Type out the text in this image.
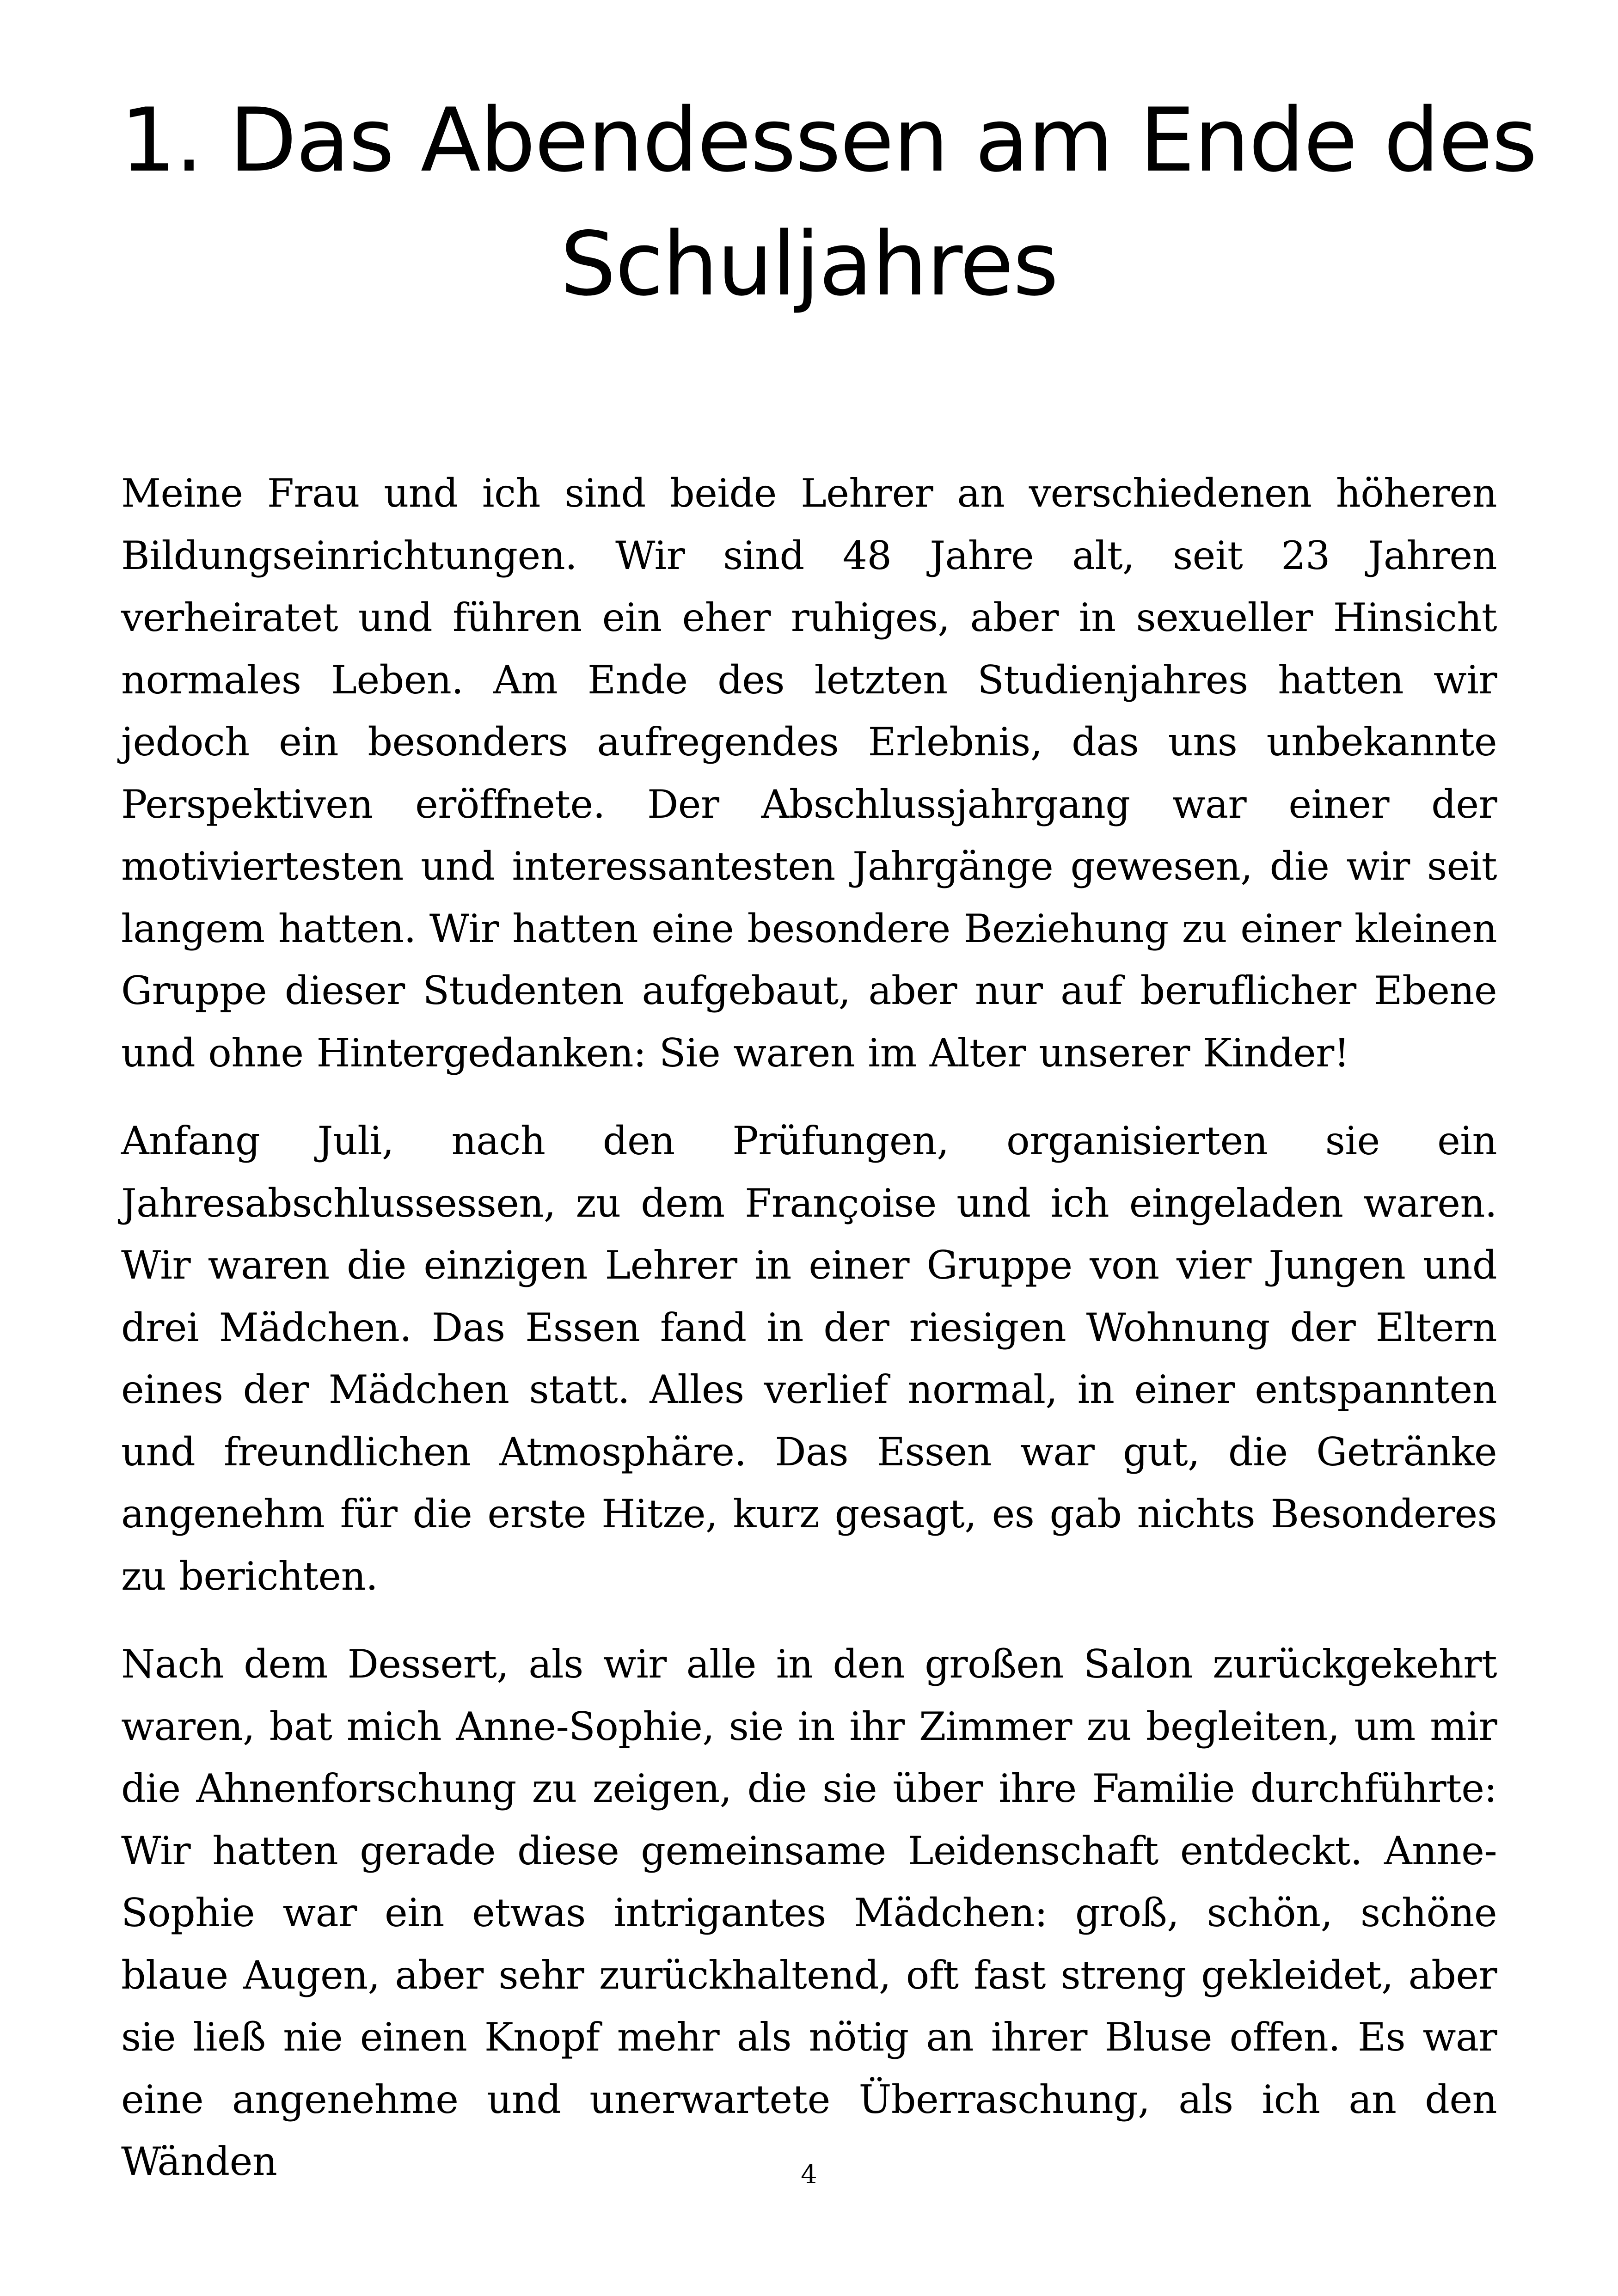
1. Das Abendessen am Ende des
Schuljahres

Meine Frau und ich sind beide Lehrer an verschiedenen höheren Bildungseinrichtungen. Wir sind 48 Jahre alt, seit 23 Jahren verheiratet und führen ein eher ruhiges, aber in sexueller Hinsicht normales Leben. Am Ende des letzten Studienjahres hatten wir jedoch ein besonders aufregendes Erlebnis, das uns unbekannte Perspektiven eröffnete. Der Abschlussjahrgang war einer der motiviertesten und interessantesten Jahrgänge gewesen, die wir seit langem hatten. Wir hatten eine besondere Beziehung zu einer kleinen Gruppe dieser Studenten aufgebaut, aber nur auf beruflicher Ebene und ohne Hintergedanken: Sie waren im Alter unserer Kinder!

Anfang Juli, nach den Prüfungen, organisierten sie ein Jahresabschlussessen, zu dem Françoise und ich eingeladen waren. Wir waren die einzigen Lehrer in einer Gruppe von vier Jungen und drei Mädchen. Das Essen fand in der riesigen Wohnung der Eltern eines der Mädchen statt. Alles verlief normal, in einer entspannten und freundlichen Atmosphäre. Das Essen war gut, die Getränke angenehm für die erste Hitze, kurz gesagt, es gab nichts Besonderes zu berichten.

Nach dem Dessert, als wir alle in den großen Salon zurückgekehrt waren, bat mich Anne-Sophie, sie in ihr Zimmer zu begleiten, um mir die Ahnenforschung zu zeigen, die sie über ihre Familie durchführte: Wir hatten gerade diese gemeinsame Leidenschaft entdeckt. Anne-Sophie war ein etwas intrigantes Mädchen: groß, schön, schöne blaue Augen, aber sehr zurückhaltend, oft fast streng gekleidet, aber sie ließ nie einen Knopf mehr als nötig an ihrer Bluse offen. Es war eine angenehme und unerwartete Überraschung, als ich an den Wänden	4
